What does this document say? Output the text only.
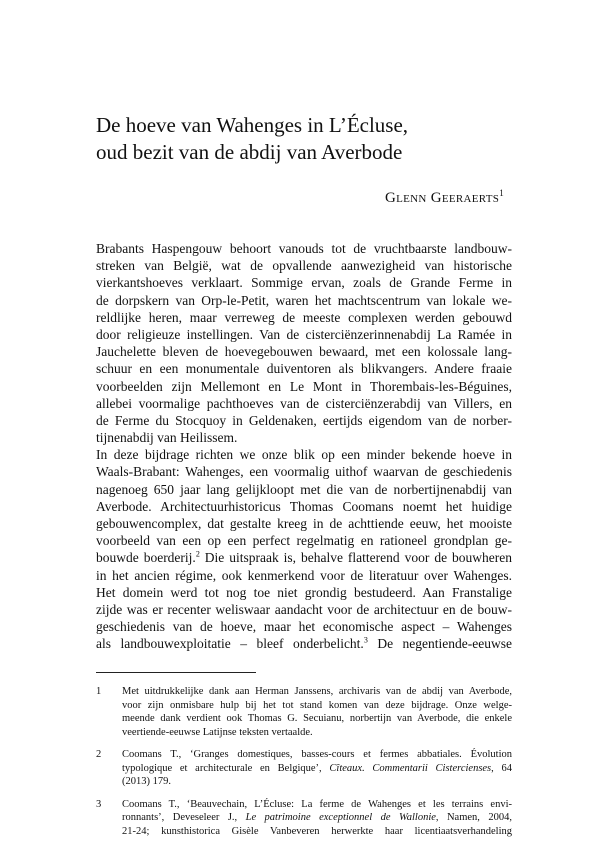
De hoeve van Wahenges in L’Écluse,
oud bezit van de abdij van Averbode
Glenn Geeraerts$^1$
Brabants Haspengouw behoort vanouds tot de vruchtbaarste landbouw-
streken van België, wat de opvallende aanwezigheid van historische
vierkantshoeves verklaart. Sommige ervan, zoals de Grande Ferme in
de dorpskern van Orp-le-Petit, waren het machtscentrum van lokale we-
reldlijke heren, maar verreweg de meeste complexen werden gebouwd
door religieuze instellingen. Van de cisterciënzerinnenabdij La Ramée in
Jauchelette bleven de hoevegebouwen bewaard, met een kolossale lang-
schuur en een monumentale duiventoren als blikvangers. Andere fraaie
voorbeelden zijn Mellemont en Le Mont in Thorembais-les-Béguines,
allebei voormalige pachthoeves van de cisterciënzerabdij van Villers, en
de Ferme du Stocquoy in Geldenaken, eertijds eigendom van de norber-
tijnenabdij van Heilissem.
In deze bijdrage richten we onze blik op een minder bekende hoeve in
Waals-Brabant: Wahenges, een voormalig uithof waarvan de geschiedenis
nagenoeg 650 jaar lang gelijkloopt met die van de norbertijnenabdij van
Averbode. Architectuurhistoricus Thomas Coomans noemt het huidige
gebouwencomplex, dat gestalte kreeg in de achttiende eeuw, het mooiste
voorbeeld van een op een perfect regelmatig en rationeel grondplan ge-
bouwde boerderij.$^2$ Die uitspraak is, behalve flatterend voor de bouwheren
in het ancien régime, ook kenmerkend voor de literatuur over Wahenges.
Het domein werd tot nog toe niet grondig bestudeerd. Aan Franstalige
zijde was er recenter weliswaar aandacht voor de architectuur en de bouw-
geschiedenis van de hoeve, maar het economische aspect – Wahenges
als landbouwexploitatie – bleef onderbelicht.$^3$ De negentiende-eeuwse
1 Met uitdrukkelijke dank aan Herman Janssens, archivaris van de abdij van Averbode,
voor zijn onmisbare hulp bij het tot stand komen van deze bijdrage. Onze welge-
meende dank verdient ook Thomas G. Secuianu, norbertijn van Averbode, die enkele
veertiende-eeuwse Latijnse teksten vertaalde.
2 Coomans T., ‘Granges domestiques, basses-cours et fermes abbatiales. Évolution
typologique et architecturale en Belgique’, Cîteaux. Commentarii Cistercienses, 64
(2013) 179.
3 Coomans T., ‘Beauvechain, L’Écluse: La ferme de Wahenges et les terrains envi-
ronnants’, Deveseleer J., Le patrimoine exceptionnel de Wallonie, Namen, 2004,
21-24; kunsthistorica Gisèle Vanbeveren herwerkte haar licentiaatsverhandeling
